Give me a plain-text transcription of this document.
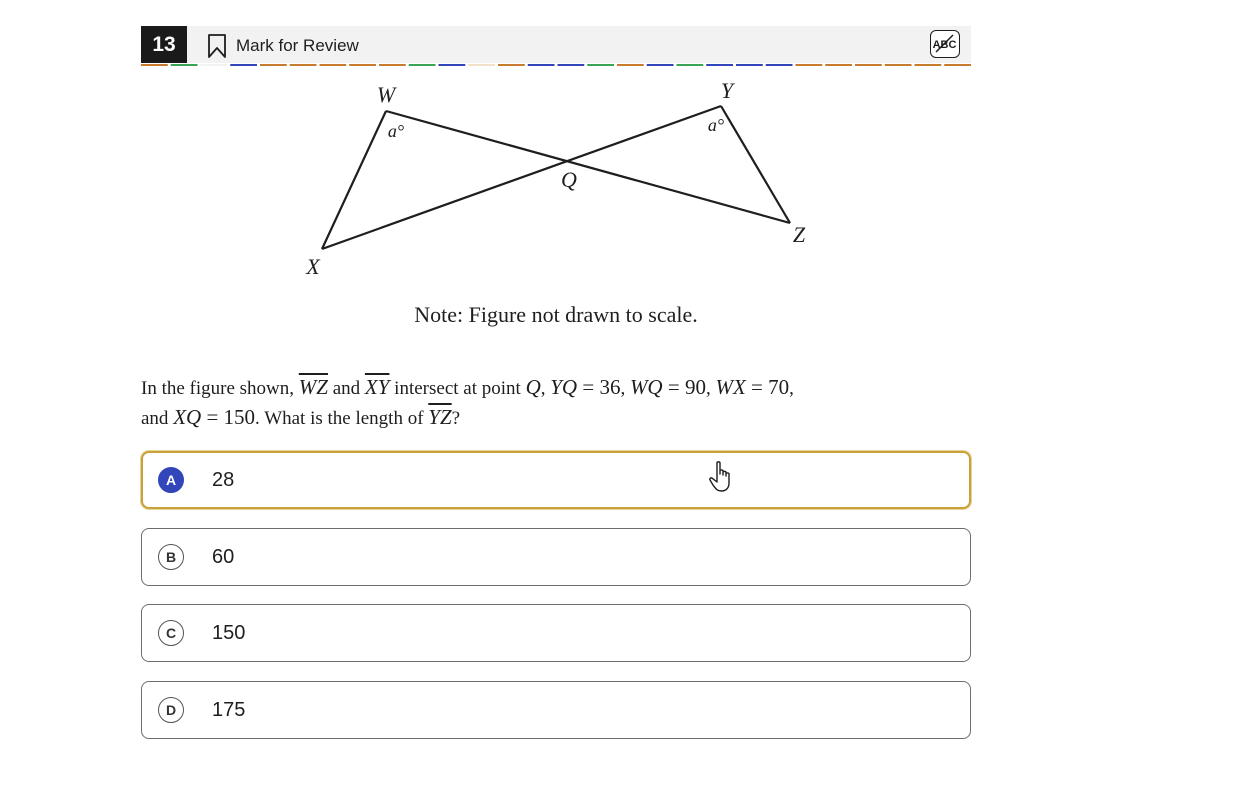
13	Mark for Review	ABC
W
X
Y
Z
Q
a°	a°
Note: Figure not drawn to scale.
In the figure shown, $\overline{WZ}$ and $\overline{XY}$ intersect at point Q, YQ = 36, WQ = 90, WX = 70,
and XQ = 150. What is the length of $\overline{YZ}$?
A	28
B	60
C	150
D	175
